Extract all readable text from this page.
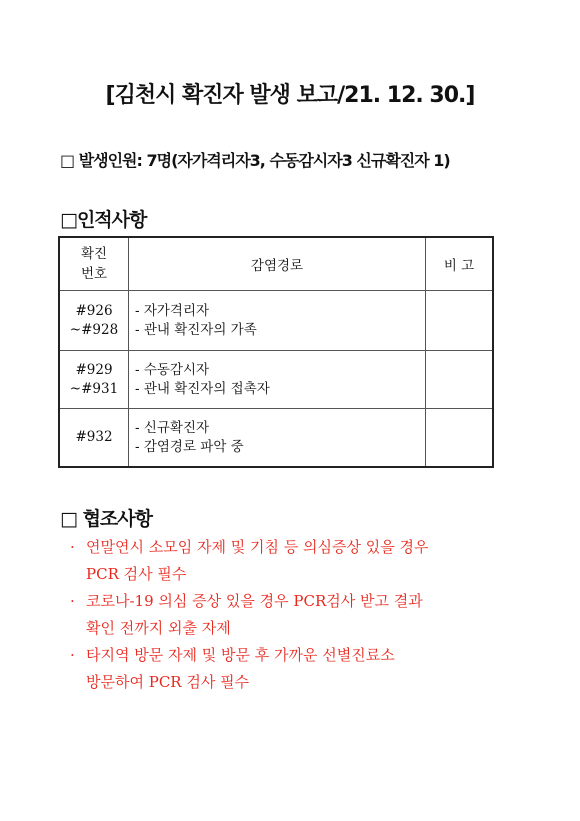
[김천시 확진자 발생 보고/21. 12. 30.]
□ 발생인원: 7명(자가격리자3, 수동감시자3 신규확진자 1)
□인적사항
확진
번호	감염경로	비 고
#926
~#928	- 자가격리자
- 관내 확진자의 가족	
#929
~#931	- 수동감시자
- 관내 확진자의 접촉자	
#932	- 신규확진자
- 감염경로 파악 중	
□ 협조사항
· 연말연시 소모임 자제 및 기침 등 의심증상 있을 경우
PCR 검사 필수
· 코로나-19 의심 증상 있을 경우 PCR검사 받고 결과
확인 전까지 외출 자제
· 타지역 방문 자제 및 방문 후 가까운 선별진료소
방문하여 PCR 검사 필수
